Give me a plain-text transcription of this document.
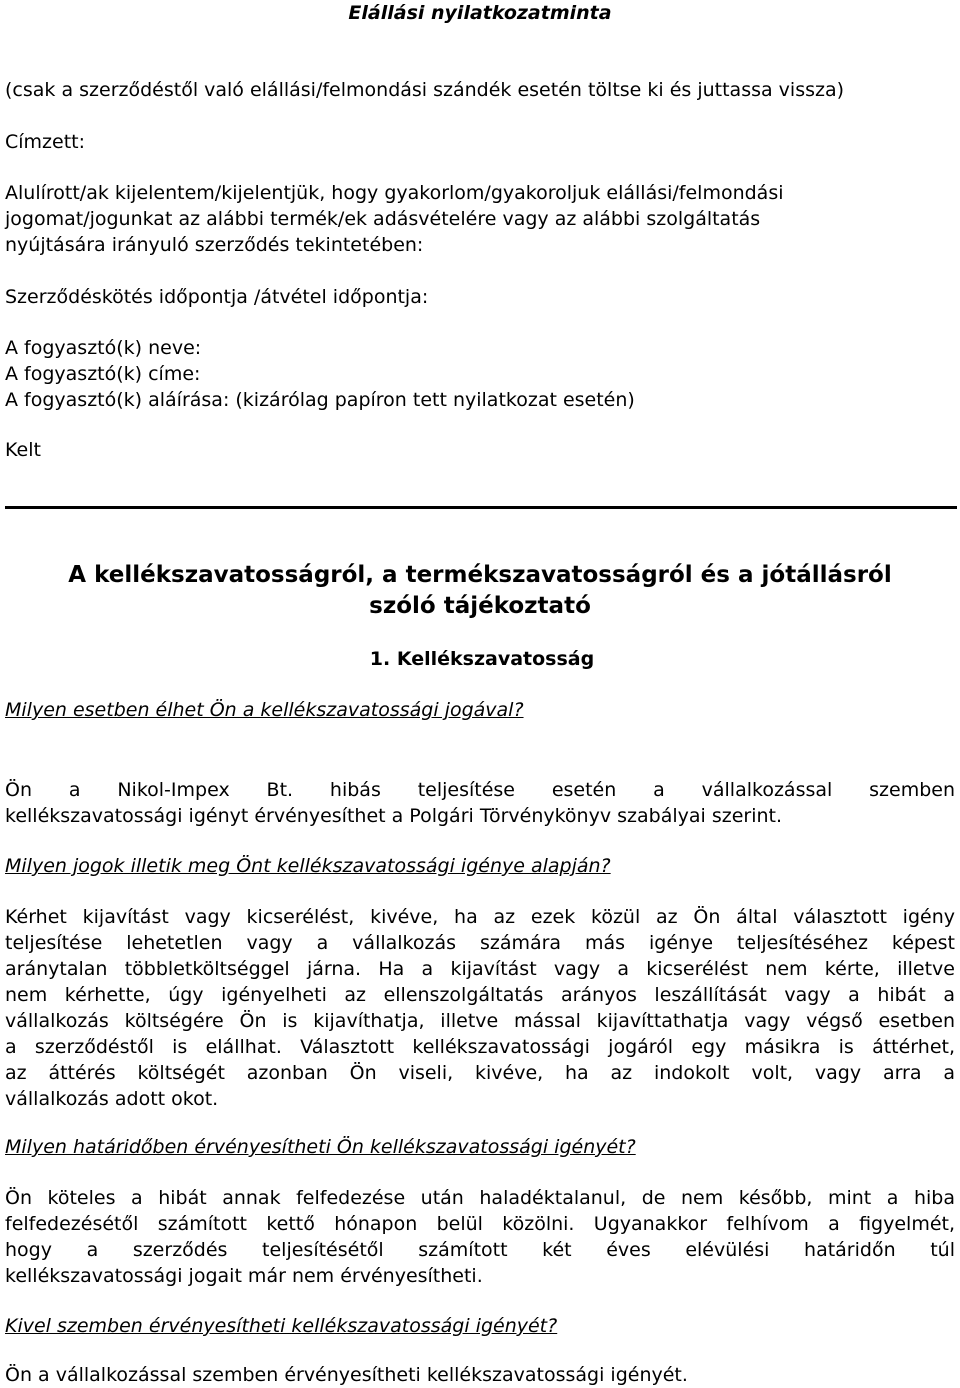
Elállási nyilatkozatminta
(csak a szerződéstől való elállási/felmondási szándék esetén töltse ki és juttassa vissza)
Címzett:
Alulírott/ak kijelentem/kijelentjük, hogy gyakorlom/gyakoroljuk elállási/felmondási
jogomat/jogunkat az alábbi termék/ek adásvételére vagy az alábbi szolgáltatás
nyújtására irányuló szerződés tekintetében:
Szerződéskötés időpontja /átvétel időpontja:
A fogyasztó(k) neve:
A fogyasztó(k) címe:
A fogyasztó(k) aláírása: (kizárólag papíron tett nyilatkozat esetén)
Kelt
A kellékszavatosságról, a termékszavatosságról és a jótállásról
szóló tájékoztató
1. Kellékszavatosság
Milyen esetben élhet Ön a kellékszavatossági jogával?
Ön a Nikol-Impex Bt. hibás teljesítése esetén a vállalkozással szemben
kellékszavatossági igényt érvényesíthet a Polgári Törvénykönyv szabályai szerint.
Milyen jogok illetik meg Önt kellékszavatossági igénye alapján?
Kérhet kijavítást vagy kicserélést, kivéve, ha az ezek közül az Ön által választott igény
teljesítése lehetetlen vagy a vállalkozás számára más igénye teljesítéséhez képest
aránytalan többletköltséggel járna. Ha a kijavítást vagy a kicserélést nem kérte, illetve
nem kérhette, úgy igényelheti az ellenszolgáltatás arányos leszállítását vagy a hibát a
vállalkozás költségére Ön is kijavíthatja, illetve mással kijavíttathatja vagy végső esetben
a szerződéstől is elállhat. Választott kellékszavatossági jogáról egy másikra is áttérhet,
az áttérés költségét azonban Ön viseli, kivéve, ha az indokolt volt, vagy arra a
vállalkozás adott okot.
Milyen határidőben érvényesítheti Ön kellékszavatossági igényét?
Ön köteles a hibát annak felfedezése után haladéktalanul, de nem később, mint a hiba
felfedezésétől számított kettő hónapon belül közölni. Ugyanakkor felhívom a figyelmét,
hogy a szerződés teljesítésétől számított két éves elévülési határidőn túl
kellékszavatossági jogait már nem érvényesítheti.
Kivel szemben érvényesítheti kellékszavatossági igényét?
Ön a vállalkozással szemben érvényesítheti kellékszavatossági igényét.
